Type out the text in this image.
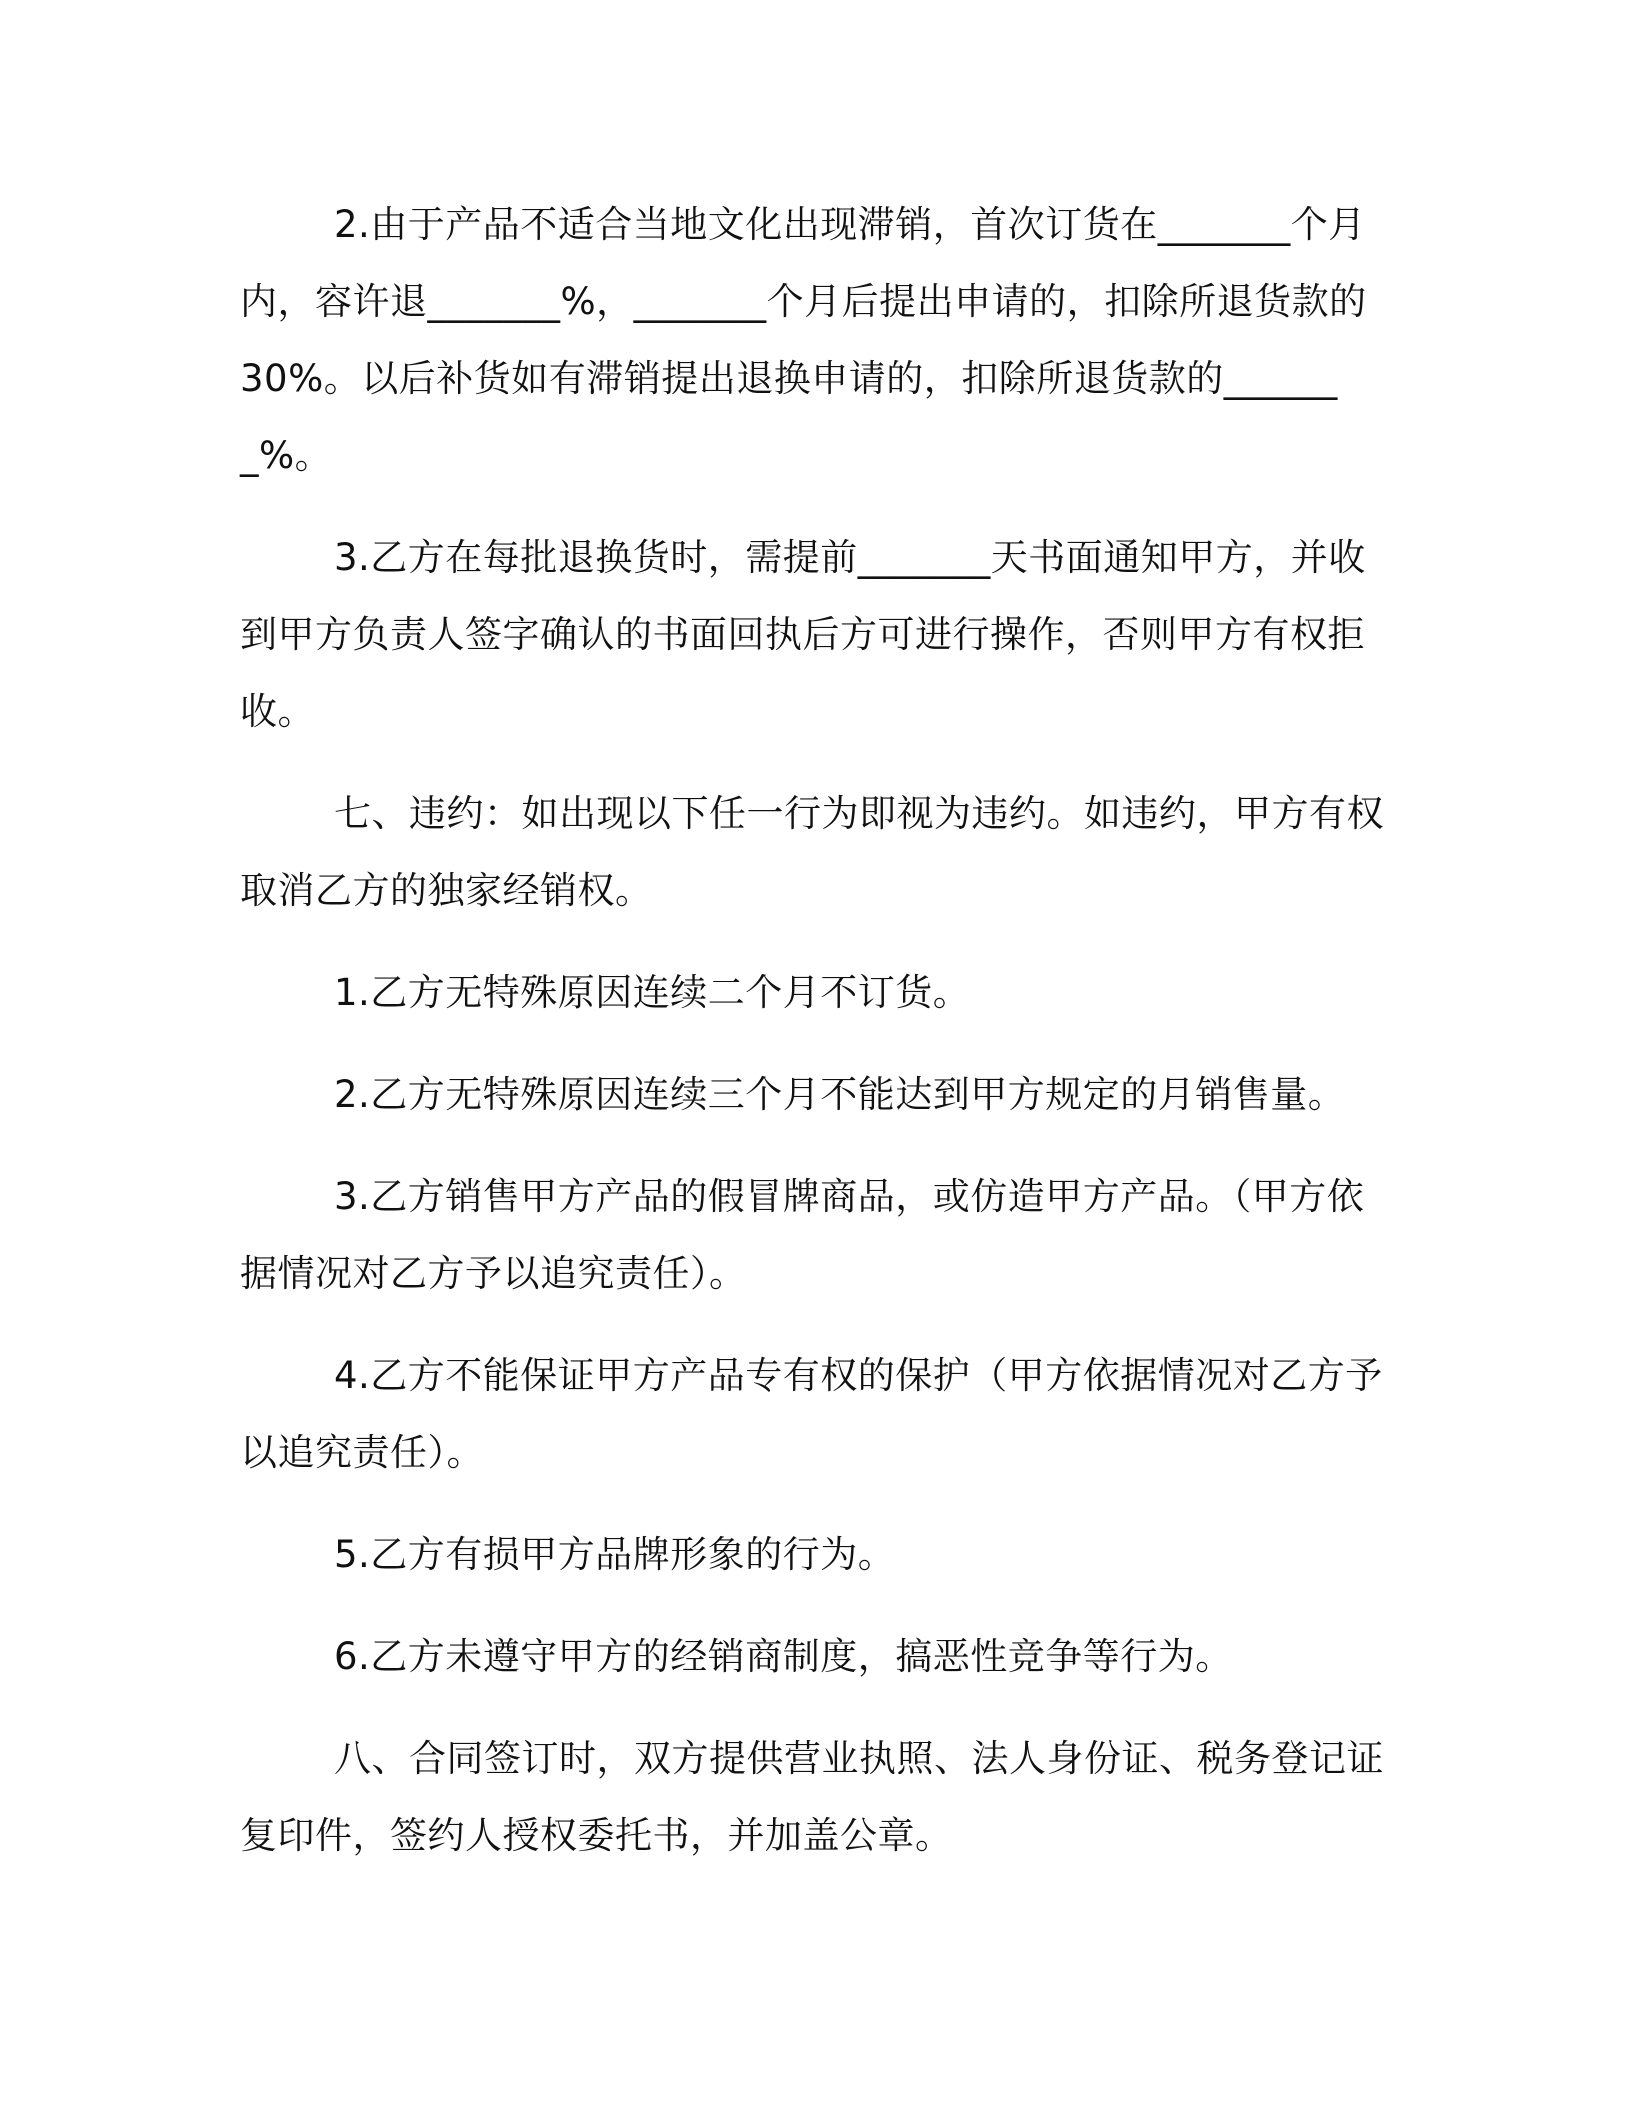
2.由于产品不适合当地文化出现滞销，首次订货在_______个月内，容许退_______%，_______个月后提出申请的，扣除所退货款的30%。以后补货如有滞销提出退换申请的，扣除所退货款的_______%。

3.乙方在每批退换货时，需提前_______天书面通知甲方，并收到甲方负责人签字确认的书面回执后方可进行操作，否则甲方有权拒收。

七、违约：如出现以下任一行为即视为违约。如违约，甲方有权取消乙方的独家经销权。

1.乙方无特殊原因连续二个月不订货。

2.乙方无特殊原因连续三个月不能达到甲方规定的月销售量。

3.乙方销售甲方产品的假冒牌商品，或仿造甲方产品。（甲方依据情况对乙方予以追究责任）。

4.乙方不能保证甲方产品专有权的保护（甲方依据情况对乙方予以追究责任）。

5.乙方有损甲方品牌形象的行为。

6.乙方未遵守甲方的经销商制度，搞恶性竞争等行为。

八、合同签订时，双方提供营业执照、法人身份证、税务登记证复印件，签约人授权委托书，并加盖公章。
